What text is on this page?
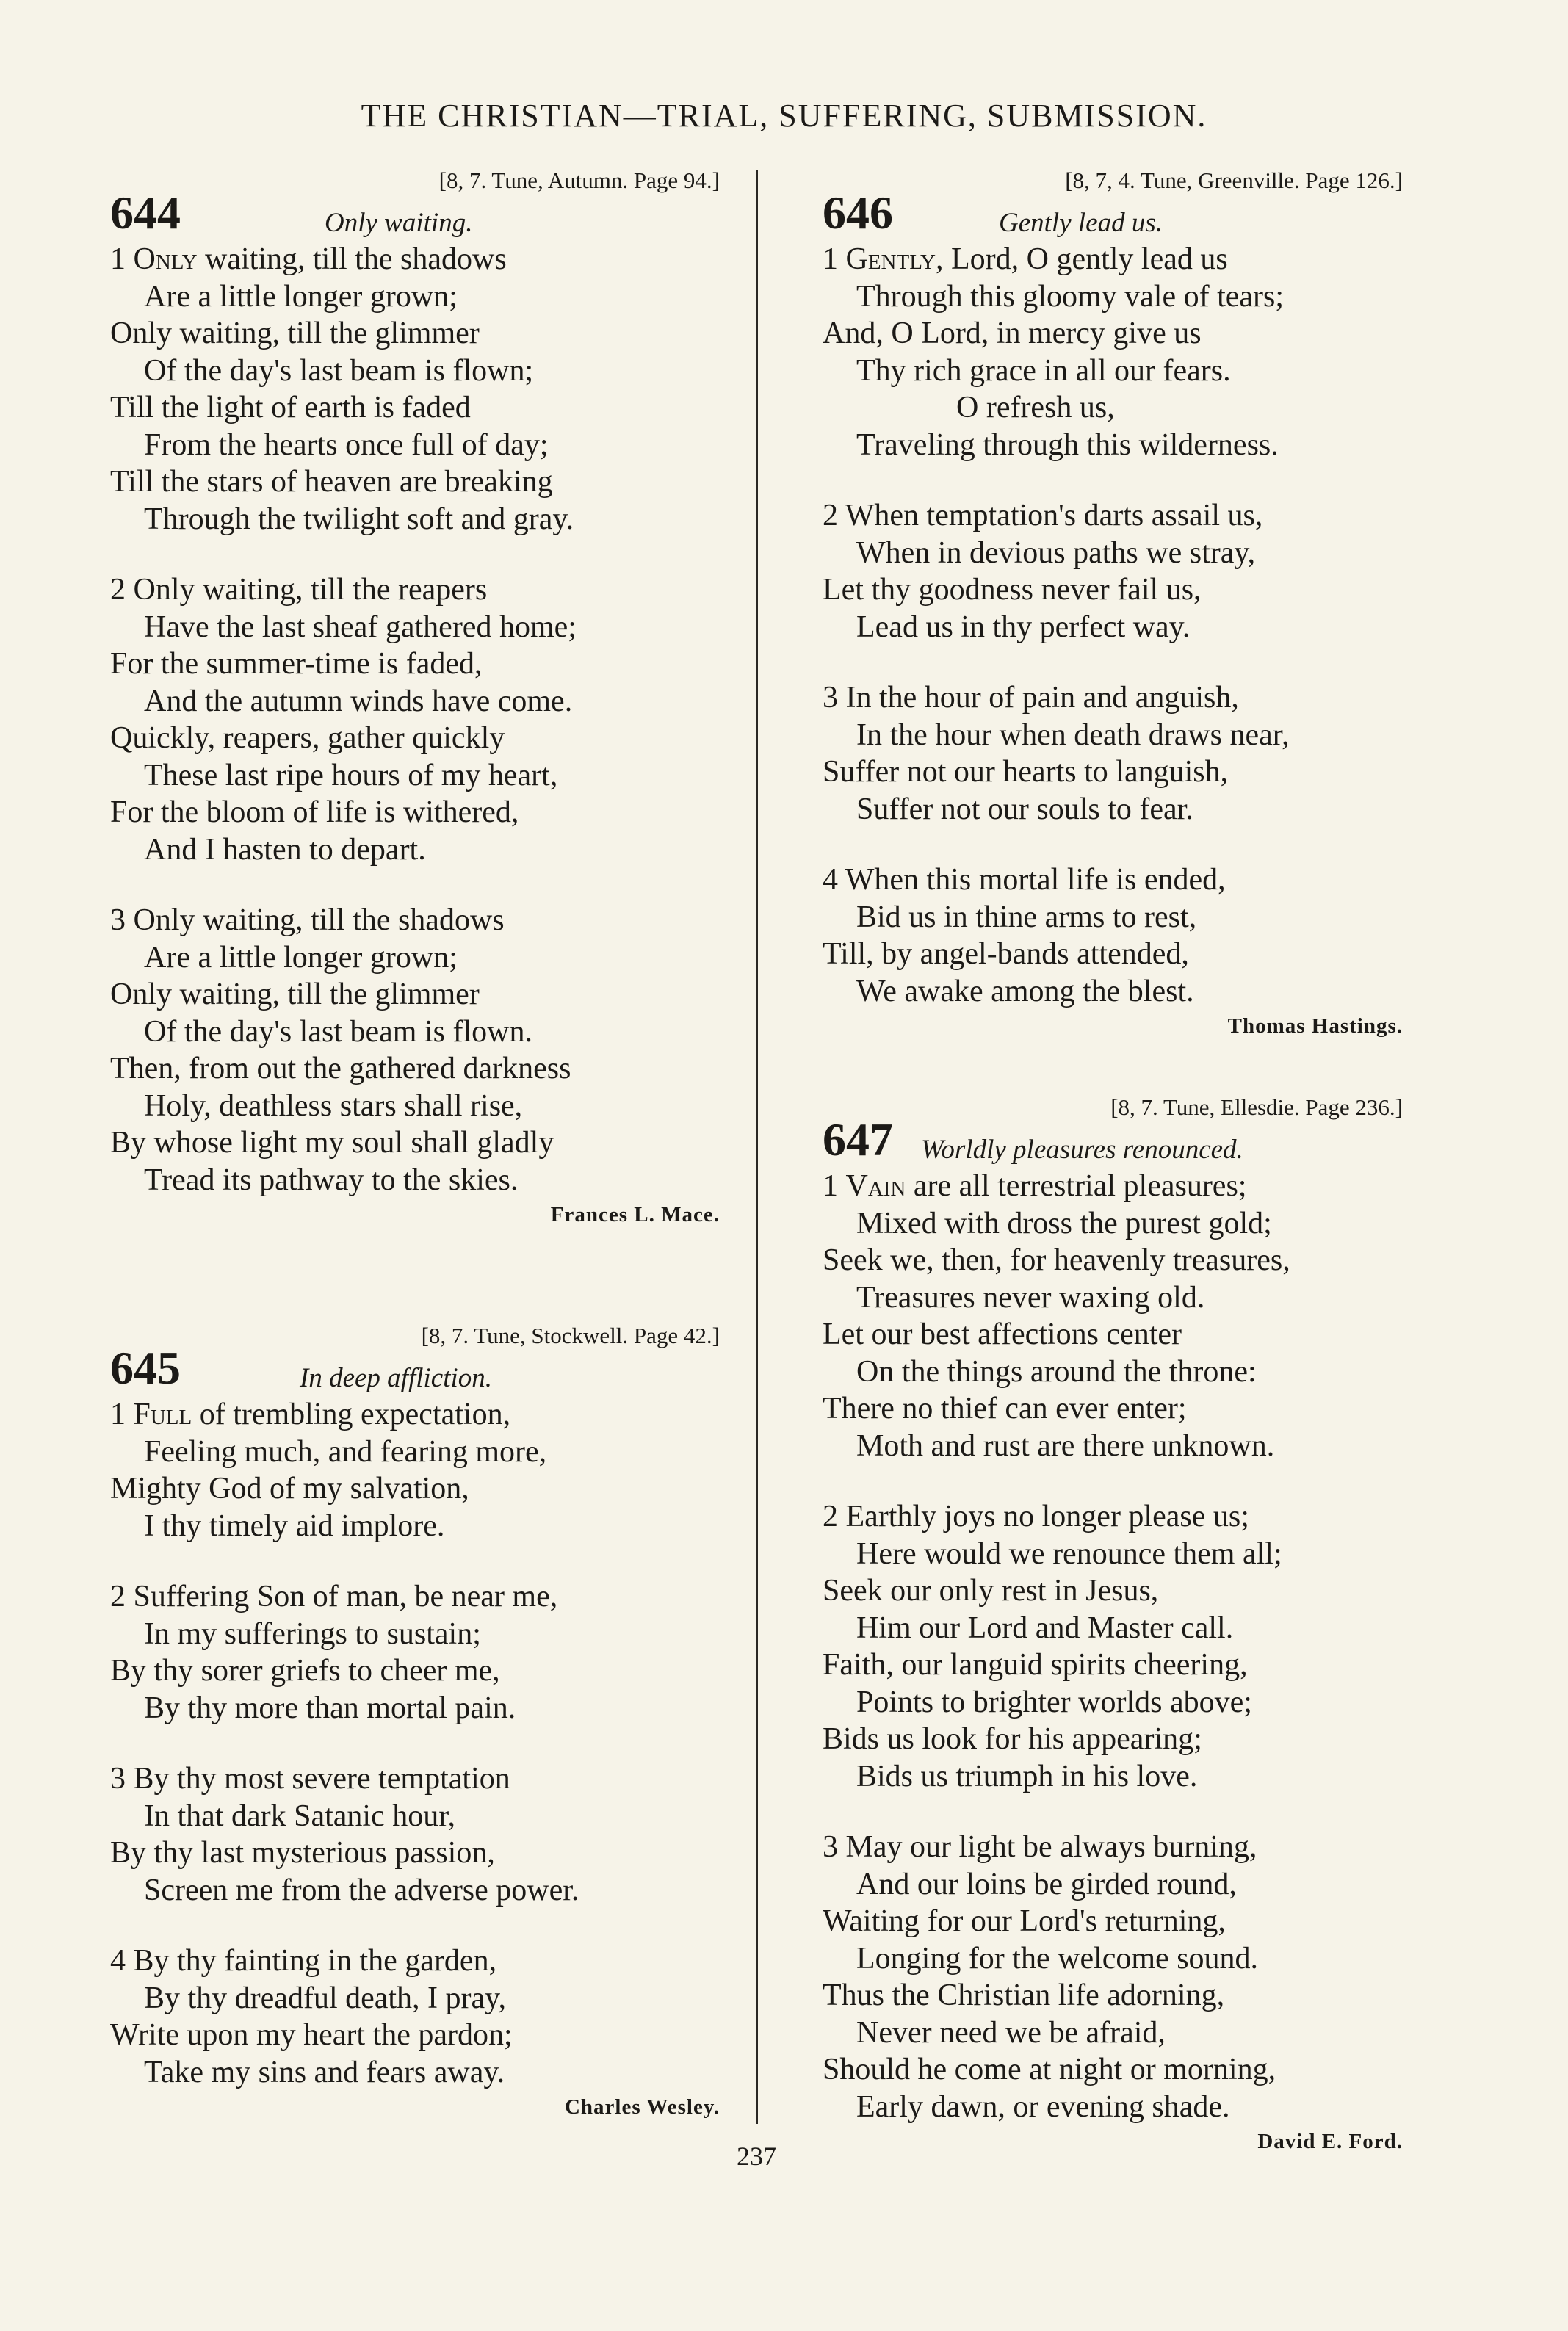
THE CHRISTIAN—TRIAL, SUFFERING, SUBMISSION.
[8, 7. Tune, Autumn. Page 94.]
644	Only waiting.
1 Only waiting, till the shadows
Are a little longer grown;
Only waiting, till the glimmer
Of the day's last beam is flown;
Till the light of earth is faded
From the hearts once full of day;
Till the stars of heaven are breaking
Through the twilight soft and gray.
2 Only waiting, till the reapers
Have the last sheaf gathered home;
For the summer-time is faded,
And the autumn winds have come.
Quickly, reapers, gather quickly
These last ripe hours of my heart,
For the bloom of life is withered,
And I hasten to depart.
3 Only waiting, till the shadows
Are a little longer grown;
Only waiting, till the glimmer
Of the day's last beam is flown.
Then, from out the gathered darkness
Holy, deathless stars shall rise,
By whose light my soul shall gladly
Tread its pathway to the skies.
Frances L. Mace.
[8, 7. Tune, Stockwell. Page 42.]
645	In deep affliction.
1 Full of trembling expectation,
Feeling much, and fearing more,
Mighty God of my salvation,
I thy timely aid implore.
2 Suffering Son of man, be near me,
In my sufferings to sustain;
By thy sorer griefs to cheer me,
By thy more than mortal pain.
3 By thy most severe temptation
In that dark Satanic hour,
By thy last mysterious passion,
Screen me from the adverse power.
4 By thy fainting in the garden,
By thy dreadful death, I pray,
Write upon my heart the pardon;
Take my sins and fears away.
Charles Wesley.
[8, 7, 4. Tune, Greenville. Page 126.]
646	Gently lead us.
1 Gently, Lord, O gently lead us
Through this gloomy vale of tears;
And, O Lord, in mercy give us
Thy rich grace in all our fears.
O refresh us,
Traveling through this wilderness.
2 When temptation's darts assail us,
When in devious paths we stray,
Let thy goodness never fail us,
Lead us in thy perfect way.
3 In the hour of pain and anguish,
In the hour when death draws near,
Suffer not our hearts to languish,
Suffer not our souls to fear.
4 When this mortal life is ended,
Bid us in thine arms to rest,
Till, by angel-bands attended,
We awake among the blest.
Thomas Hastings.
[8, 7. Tune, Ellesdie. Page 236.]
647 Worldly pleasures renounced.
1 Vain are all terrestrial pleasures;
Mixed with dross the purest gold;
Seek we, then, for heavenly treasures,
Treasures never waxing old.
Let our best affections center
On the things around the throne:
There no thief can ever enter;
Moth and rust are there unknown.
2 Earthly joys no longer please us;
Here would we renounce them all;
Seek our only rest in Jesus,
Him our Lord and Master call.
Faith, our languid spirits cheering,
Points to brighter worlds above;
Bids us look for his appearing;
Bids us triumph in his love.
3 May our light be always burning,
And our loins be girded round,
Waiting for our Lord's returning,
Longing for the welcome sound.
Thus the Christian life adorning,
Never need we be afraid,
Should he come at night or morning,
Early dawn, or evening shade.
David E. Ford.
237
